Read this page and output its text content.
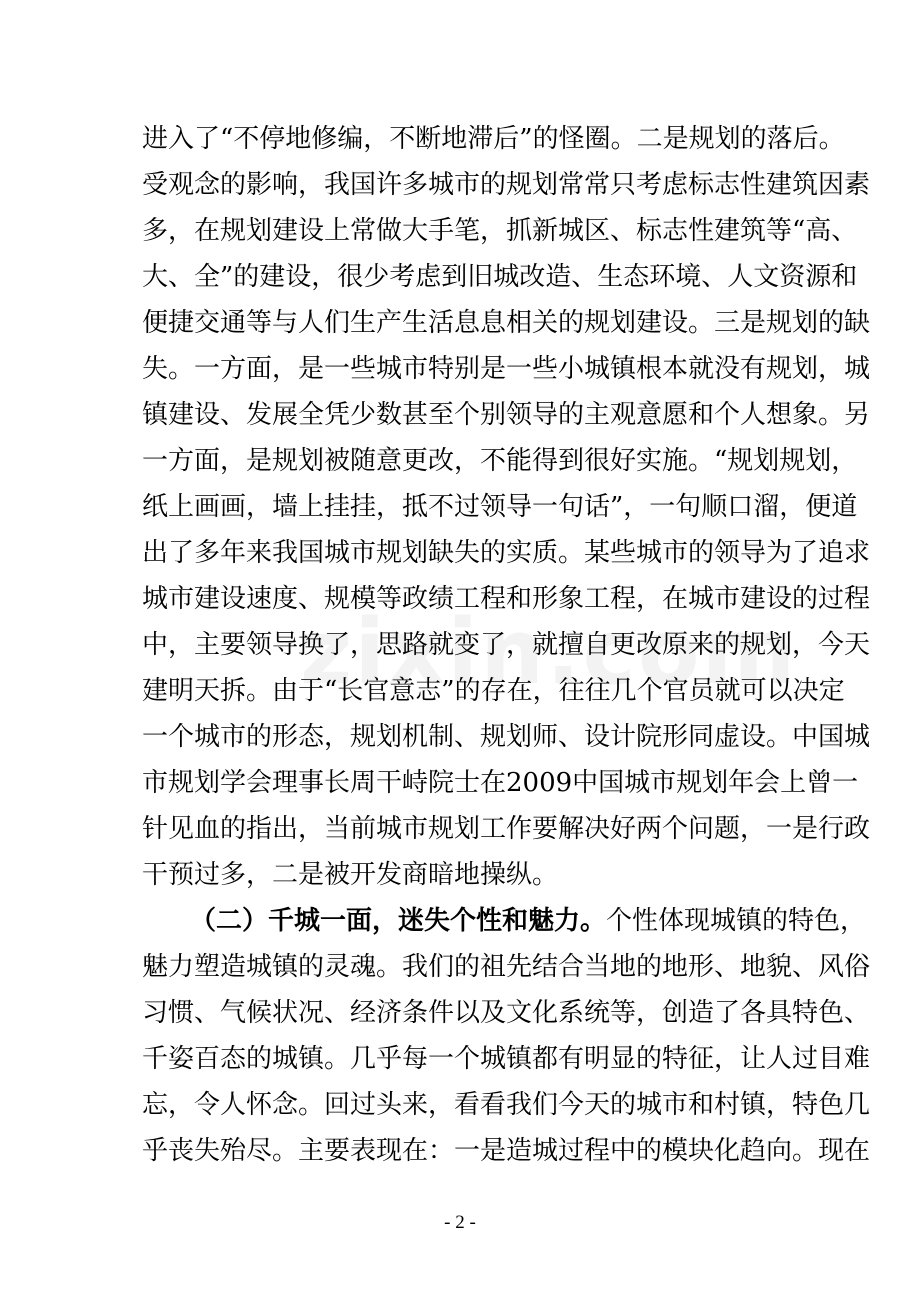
进入了“不停地修编，不断地滞后”的怪圈。二是规划的落后。
受观念的影响，我国许多城市的规划常常只考虑标志性建筑因素
多，在规划建设上常做大手笔，抓新城区、标志性建筑等“高、
大、全”的建设，很少考虑到旧城改造、生态环境、人文资源和
便捷交通等与人们生产生活息息相关的规划建设。三是规划的缺
失。一方面，是一些城市特别是一些小城镇根本就没有规划，城
镇建设、发展全凭少数甚至个别领导的主观意愿和个人想象。另
一方面，是规划被随意更改，不能得到很好实施。“规划规划，
纸上画画，墙上挂挂，抵不过领导一句话”，一句顺口溜，便道
出了多年来我国城市规划缺失的实质。某些城市的领导为了追求
城市建设速度、规模等政绩工程和形象工程，在城市建设的过程
中，主要领导换了，思路就变了，就擅自更改原来的规划，今天
建明天拆。由于“长官意志”的存在，往往几个官员就可以决定
一个城市的形态，规划机制、规划师、设计院形同虚设。中国城
市规划学会理事长周干峙院士在2009中国城市规划年会上曾一
针见血的指出，当前城市规划工作要解决好两个问题，一是行政
干预过多，二是被开发商暗地操纵。
（二）千城一面，迷失个性和魅力。个性体现城镇的特色，
魅力塑造城镇的灵魂。我们的祖先结合当地的地形、地貌、风俗
习惯、气候状况、经济条件以及文化系统等，创造了各具特色、
千姿百态的城镇。几乎每一个城镇都有明显的特征，让人过目难
忘，令人怀念。回过头来，看看我们今天的城市和村镇，特色几
乎丧失殆尽。主要表现在：一是造城过程中的模块化趋向。现在
- 2 -
